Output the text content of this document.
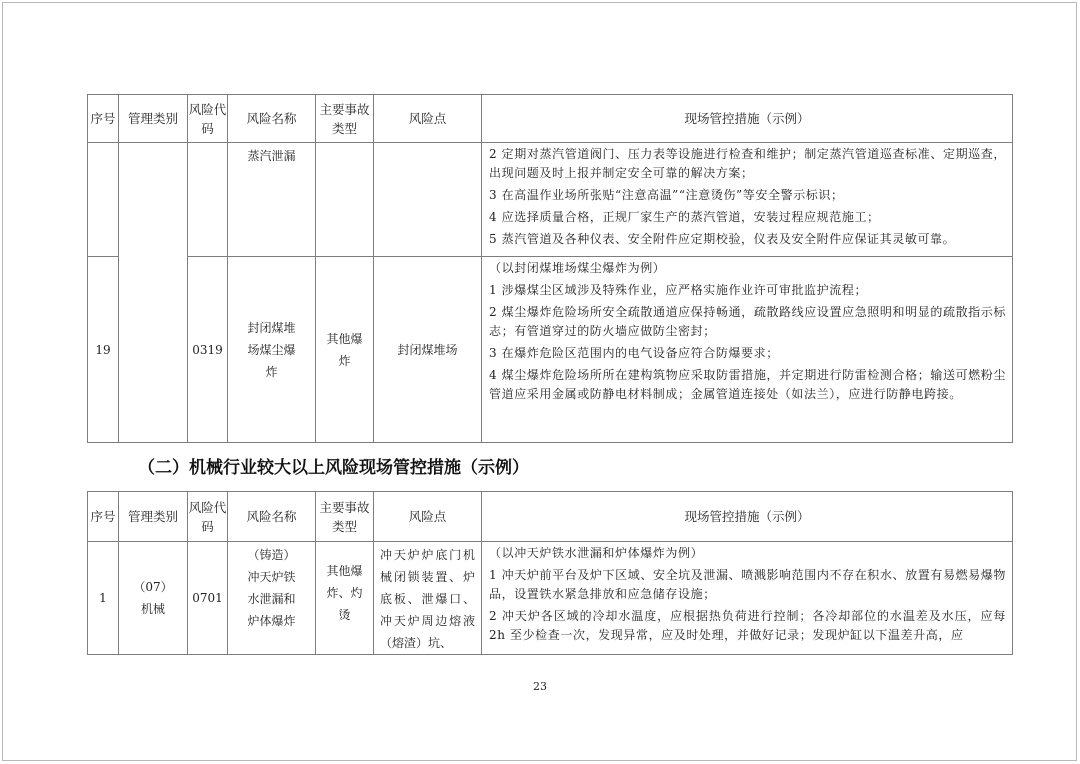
序号	管理类别	风险代码	风险名称	主要事故类型	风险点	现场管控措施（示例）

			蒸汽泄漏			2 定期对蒸汽管道阀门、压力表等设施进行检查和维护；制定蒸汽管道巡查标准、定期巡查，出现问题及时上报并制定安全可靠的解决方案；

3 在高温作业场所张贴“注意高温”“注意烫伤”等安全警示标识；

4 应选择质量合格，正规厂家生产的蒸汽管道，安装过程应规范施工；

5 蒸汽管道及各种仪表、安全附件应定期校验，仪表及安全附件应保证其灵敏可靠。

19		0319	封闭煤堆场煤尘爆炸	其他爆炸	封闭煤堆场	（以封闭煤堆场煤尘爆炸为例）

1 涉爆煤尘区域涉及特殊作业，应严格实施作业许可审批监护流程；

2 煤尘爆炸危险场所安全疏散通道应保持畅通，疏散路线应设置应急照明和明显的疏散指示标志；有管道穿过的防火墙应做防尘密封；

3 在爆炸危险区范围内的电气设备应符合防爆要求；

4 煤尘爆炸危险场所所在建构筑物应采取防雷措施，并定期进行防雷检测合格；输送可燃粉尘管道应采用金属或防静电材料制成；金属管道连接处（如法兰），应进行防静电跨接。

（二）机械行业较大以上风险现场管控措施（示例）
序号	管理类别	风险代码	风险名称	主要事故类型	风险点	现场管控措施（示例）
1	（07）机械	0701	（铸造）冲天炉铁水泄漏和炉体爆炸	其他爆炸、灼烫	冲天炉炉底门机械闭锁装置、炉底板、泄爆口、冲天炉周边熔液（熔渣）坑、	（以冲天炉铁水泄漏和炉体爆炸为例）

1 冲天炉前平台及炉下区域、安全坑及泄漏、喷溅影响范围内不存在积水、放置有易燃易爆物品，设置铁水紧急排放和应急储存设施；

2 冲天炉各区域的冷却水温度，应根据热负荷进行控制；各冷却部位的水温差及水压，应每 2h 至少检查一次，发现异常，应及时处理，并做好记录；发现炉缸以下温差升高，应

23
